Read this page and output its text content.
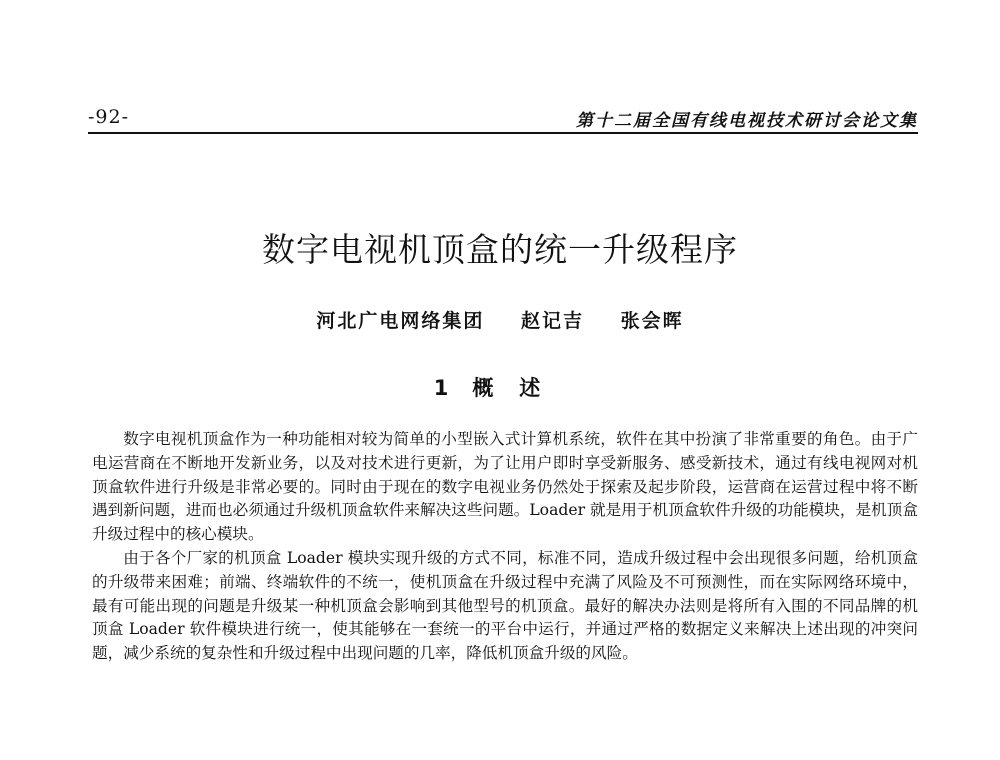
-92-	第十二届全国有线电视技术研讨会论文集
数字电视机顶盒的统一升级程序
河北广电网络集团 赵记吉 张会晖
1 概述

数字电视机顶盒作为一种功能相对较为简单的小型嵌入式计算机系统，软件在其中扮演了非常重要的角色。由于广电运营商在不断地开发新业务，以及对技术进行更新，为了让用户即时享受新服务、感受新技术，通过有线电视网对机顶盒软件进行升级是非常必要的。同时由于现在的数字电视业务仍然处于探索及起步阶段，运营商在运营过程中将不断遇到新问题，进而也必须通过升级机顶盒软件来解决这些问题。Loader 就是用于机顶盒软件升级的功能模块，是机顶盒升级过程中的核心模块。

由于各个厂家的机顶盒 Loader 模块实现升级的方式不同，标准不同，造成升级过程中会出现很多问题，给机顶盒的升级带来困难；前端、终端软件的不统一，使机顶盒在升级过程中充满了风险及不可预测性，而在实际网络环境中，最有可能出现的问题是升级某一种机顶盒会影响到其他型号的机顶盒。最好的解决办法则是将所有入围的不同品牌的机顶盒 Loader 软件模块进行统一，使其能够在一套统一的平台中运行，并通过严格的数据定义来解决上述出现的冲突问题，减少系统的复杂性和升级过程中出现问题的几率，降低机顶盒升级的风险。
